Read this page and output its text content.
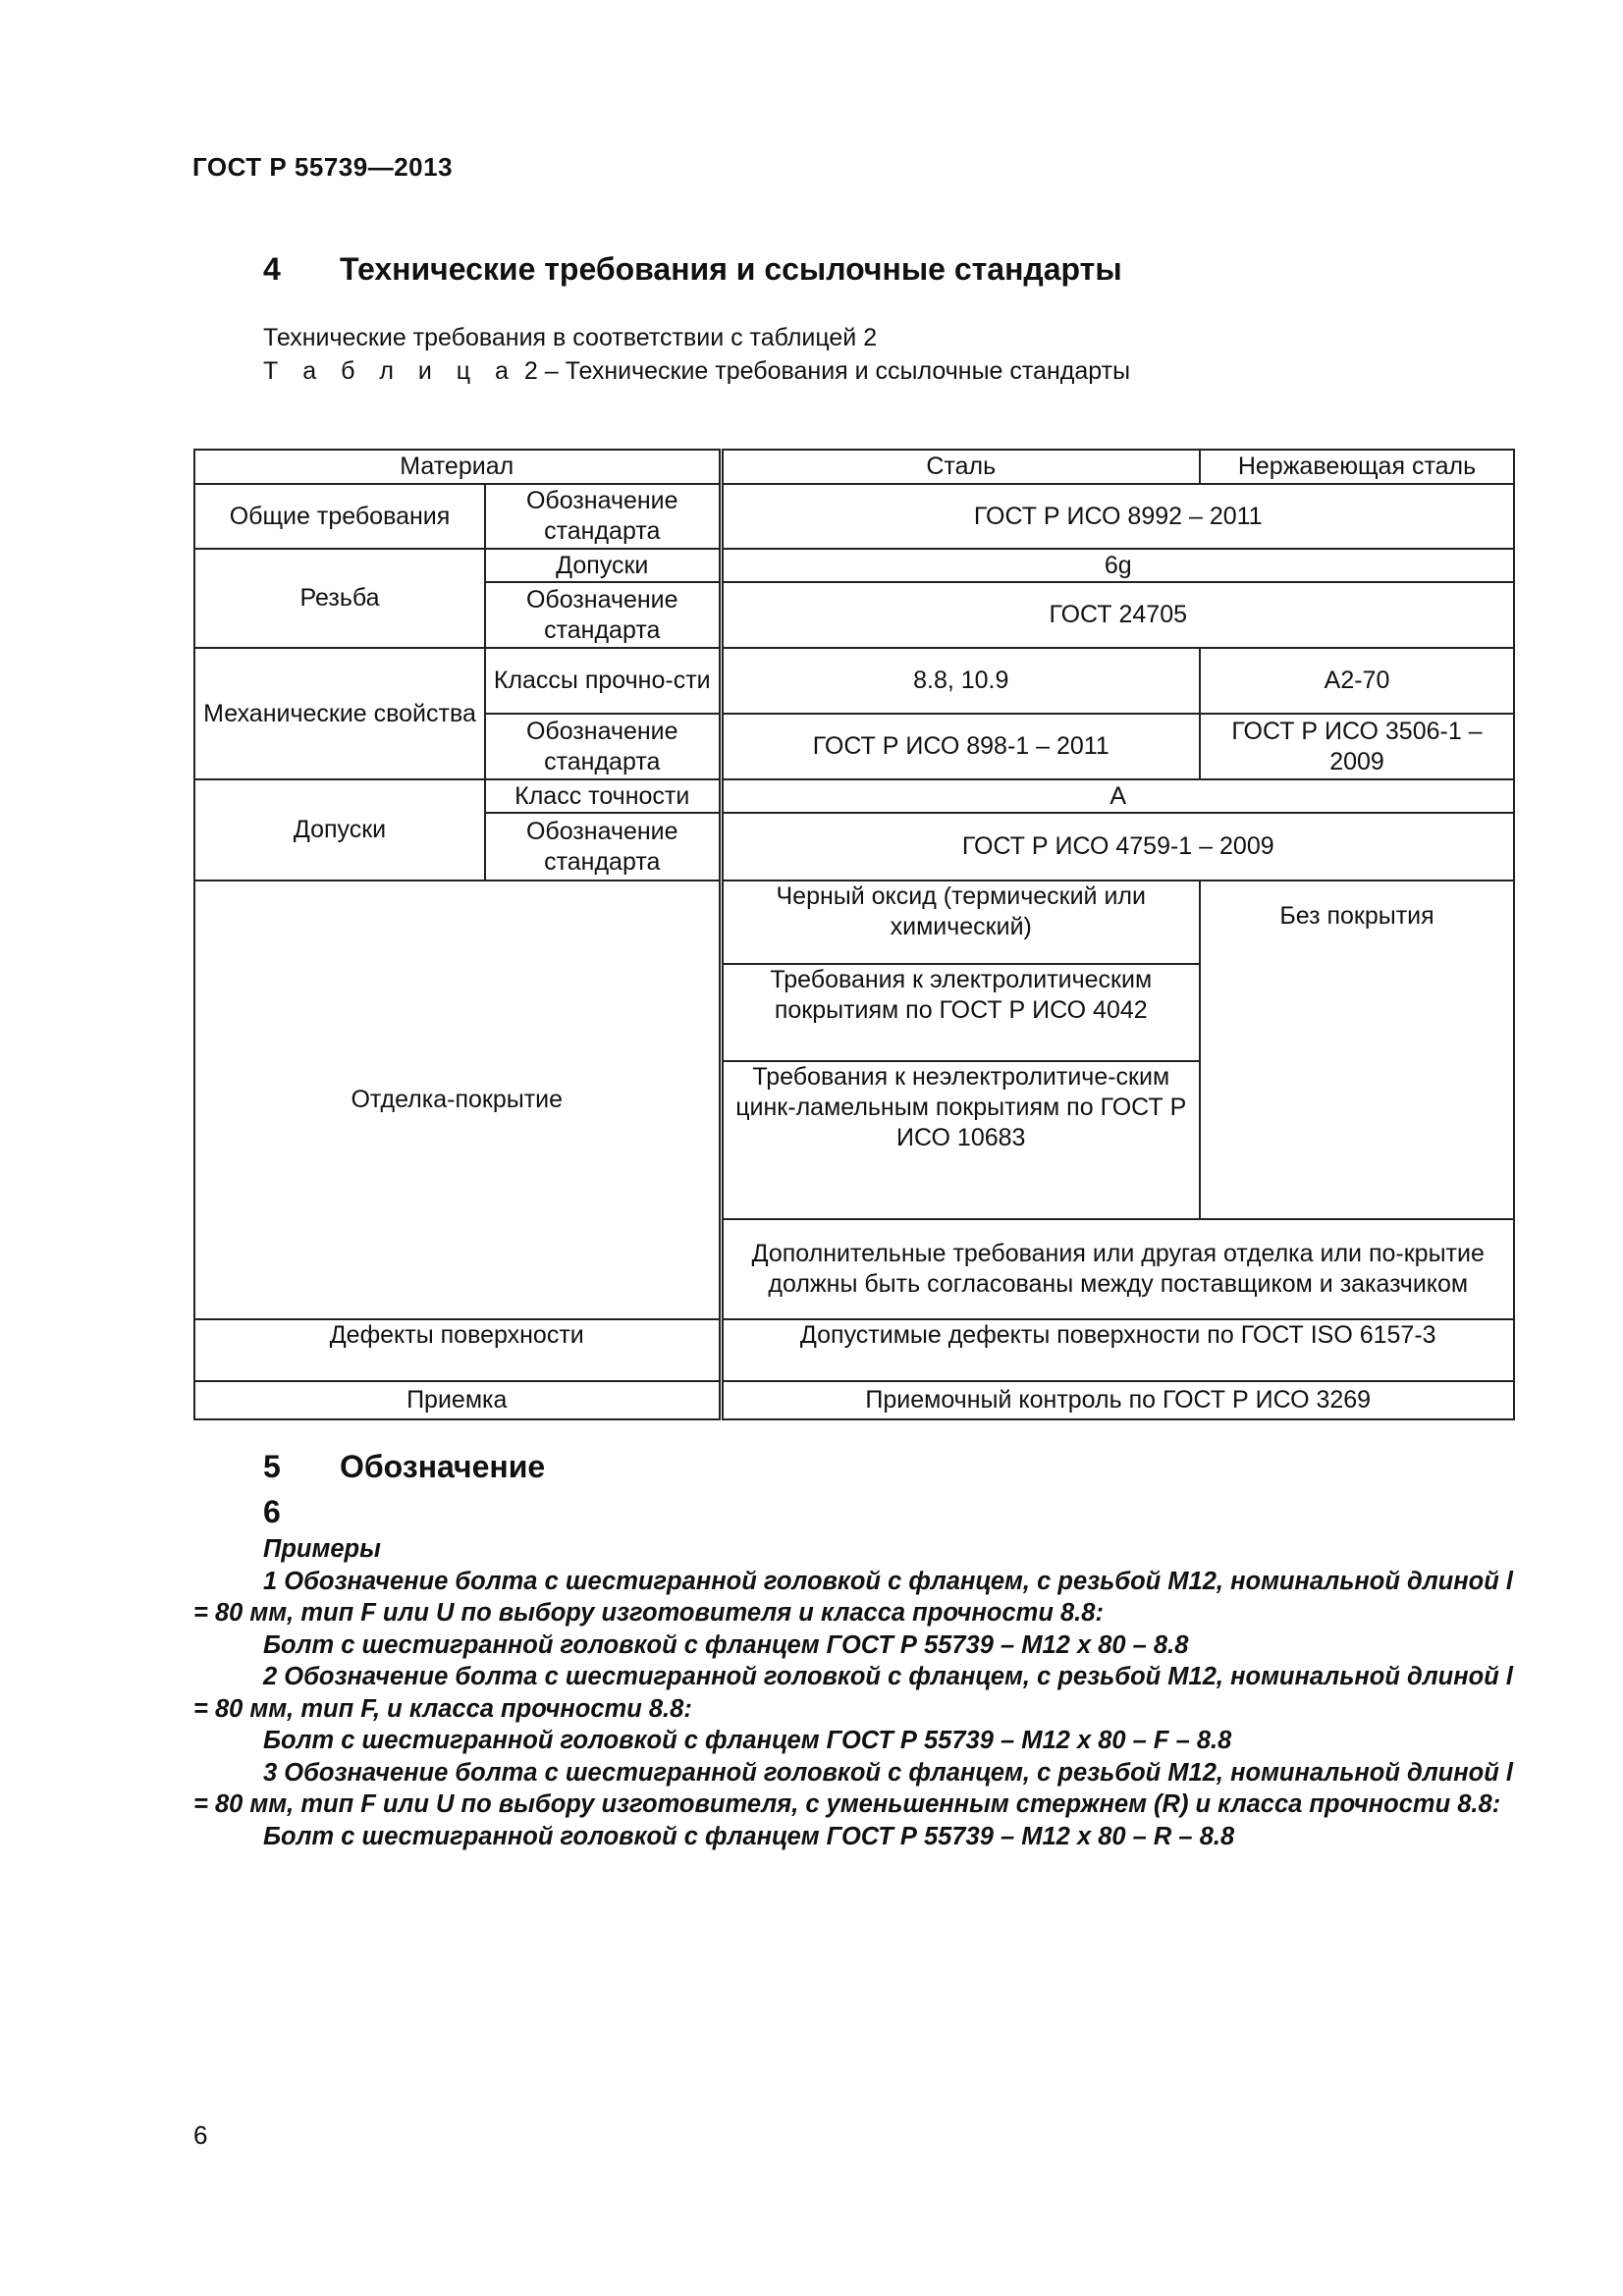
ГОСТ Р 55739—2013
4 Технические требования и ссылочные стандарты
Технические требования в соответствии с таблицей 2
Т а б л и ц а 2 – Технические требования и ссылочные стандарты
Материал		Сталь	Нержавеющая сталь
Общие требования	Обозначение стандарта	ГОСТ Р ИСО 8992 – 2011	
Резьба	Допуски	6g	
	Обозначение стандарта	ГОСТ 24705	
Механические свойства	Классы прочно-сти	8.8, 10.9	А2-70
	Обозначение стандарта	ГОСТ Р ИСО 898-1 – 2011	ГОСТ Р ИСО 3506-1 – 2009
Допуски	Класс точности	А	
	Обозначение стандарта	ГОСТ Р ИСО 4759-1 – 2009	
Отделка-покрытие		Черный оксид (термический или химический)	Без покрытия
		Требования к электролитическим покрытиям по ГОСТ Р ИСО 4042	
		Требования к неэлектролитиче-ским цинк-ламельным покрытиям по ГОСТ Р ИСО 10683	
		Дополнительные требования или другая отделка или по-крытие должны быть согласованы между поставщиком и заказчиком	
Дефекты поверхности		Допустимые дефекты поверхности по ГОСТ ISO 6157-3	
Приемка		Приемочный контроль по ГОСТ Р ИСО 3269	
5 Обозначение
6

Примеры

1 Обозначение болта с шестигранной головкой с фланцем, с резьбой М12, номинальной длиной l = 80 мм, тип F или U по выбору изготовителя и класса прочности 8.8:

Болт с шестигранной головкой с фланцем ГОСТ Р 55739 – М12 х 80 – 8.8

2 Обозначение болта с шестигранной головкой с фланцем, с резьбой М12, номинальной длиной l = 80 мм, тип F, и класса прочности 8.8:

Болт с шестигранной головкой с фланцем ГОСТ Р 55739 – М12 х 80 – F – 8.8

3 Обозначение болта с шестигранной головкой с фланцем, с резьбой М12, номинальной длиной l = 80 мм, тип F или U по выбору изготовителя, с уменьшенным стержнем (R) и класса прочности 8.8:

Болт с шестигранной головкой с фланцем ГОСТ Р 55739 – М12 х 80 – R – 8.8

6
